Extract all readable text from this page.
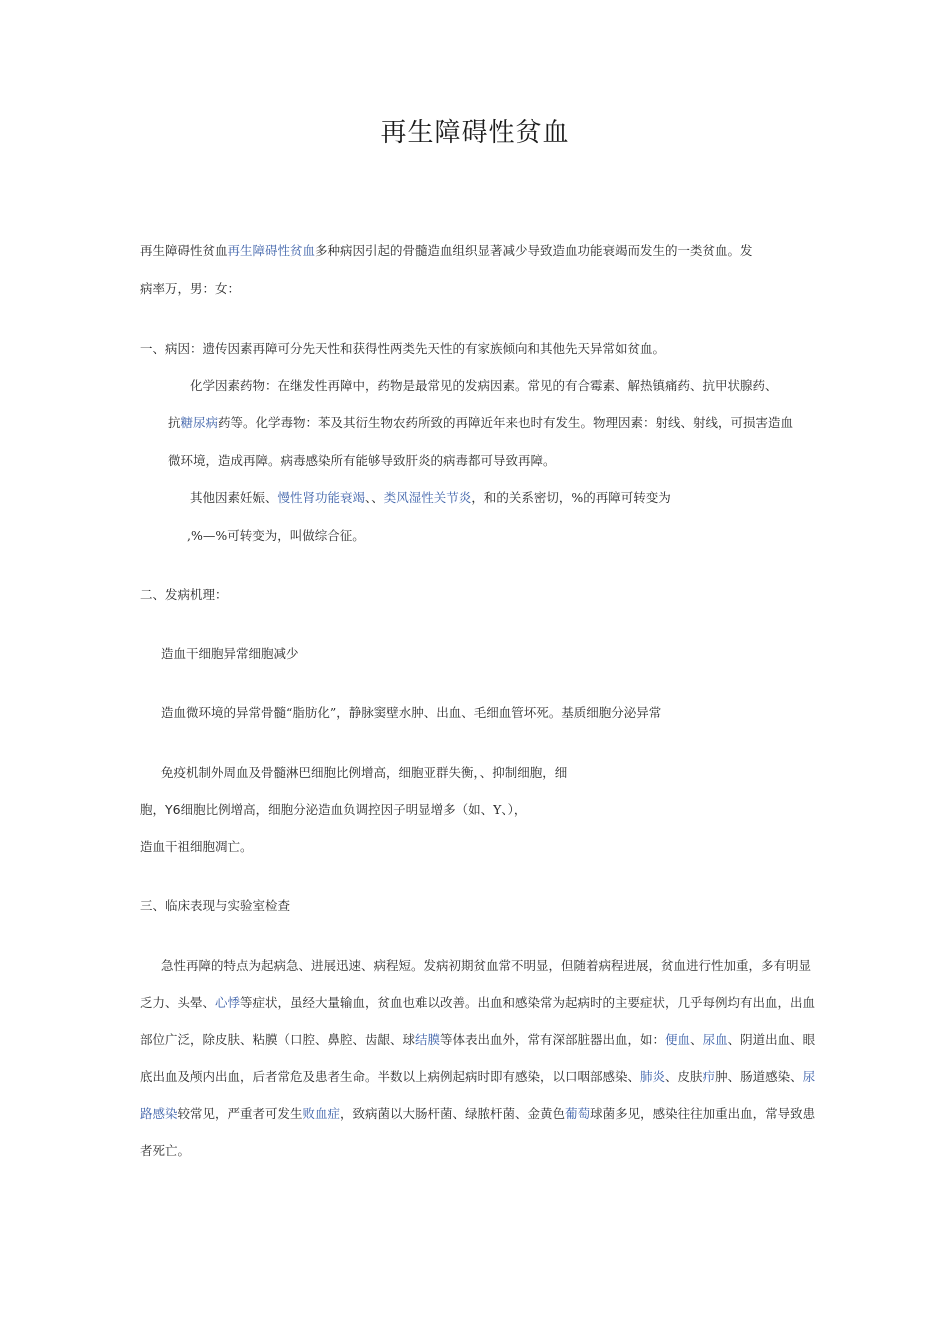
再生障碍性贫血
再生障碍性贫血再生障碍性贫血多种病因引起的骨髓造血组织显著减少导致造血功能衰竭而发生的一类贫血。发
病率万，男：女：
一、病因：遗传因素再障可分先天性和获得性两类先天性的有家族倾向和其他先天异常如贫血。
化学因素药物：在继发性再障中，药物是最常见的发病因素。常见的有合霉素、解热镇痛药、抗甲状腺药、
抗糖尿病药等。化学毒物：苯及其衍生物农药所致的再障近年来也时有发生。物理因素：射线、射线，可损害造血
微环境，造成再障。病毒感染所有能够导致肝炎的病毒都可导致再障。
其他因素妊娠、慢性肾功能衰竭、、类风湿性关节炎，和的关系密切，%的再障可转变为
,%—%可转变为，叫做综合征。
二、发病机理：
造血干细胞异常细胞减少
造血微环境的异常骨髓“脂肪化”，静脉窦壁水肿、出血、毛细血管坏死。基质细胞分泌异常
免疫机制外周血及骨髓淋巴细胞比例增高，细胞亚群失衡，、抑制细胞，细
胞，Y6细胞比例增高，细胞分泌造血负调控因子明显增多（如、Y、），
造血干祖细胞凋亡。
三、临床表现与实验室检查
急性再障的特点为起病急、进展迅速、病程短。发病初期贫血常不明显，但随着病程进展，贫血进行性加重，多有明显
乏力、头晕、心悸等症状，虽经大量输血，贫血也难以改善。出血和感染常为起病时的主要症状，几乎每例均有出血，出血
部位广泛，除皮肤、粘膜（口腔、鼻腔、齿龈、球结膜等体表出血外，常有深部脏器出血，如：便血、尿血、阴道出血、眼
底出血及颅内出血，后者常危及患者生命。半数以上病例起病时即有感染，以口咽部感染、肺炎、皮肤疖肿、肠道感染、尿
路感染较常见，严重者可发生败血症，致病菌以大肠杆菌、绿脓杆菌、金黄色葡萄球菌多见，感染往往加重出血，常导致患
者死亡。
